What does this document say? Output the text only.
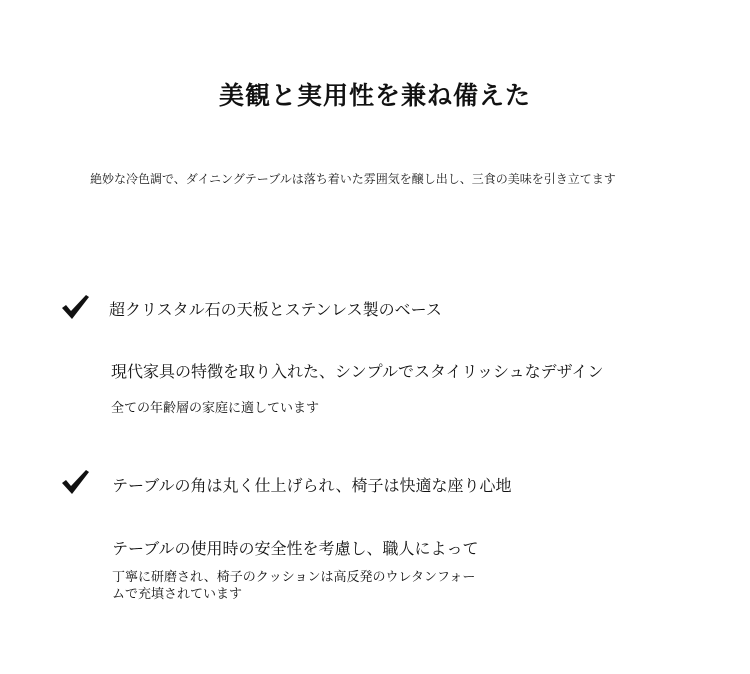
美観と実用性を兼ね備えた
絶妙な冷色調で、ダイニングテーブルは落ち着いた雰囲気を醸し出し、三食の美味を引き立てます
超クリスタル石の天板とステンレス製のベース
現代家具の特徴を取り入れた、シンプルでスタイリッシュなデザイン
全ての年齢層の家庭に適しています
テーブルの角は丸く仕上げられ、椅子は快適な座り心地
テーブルの使用時の安全性を考慮し、職人によって
丁寧に研磨され、椅子のクッションは高反発のウレタンフォー
ムで充填されています
